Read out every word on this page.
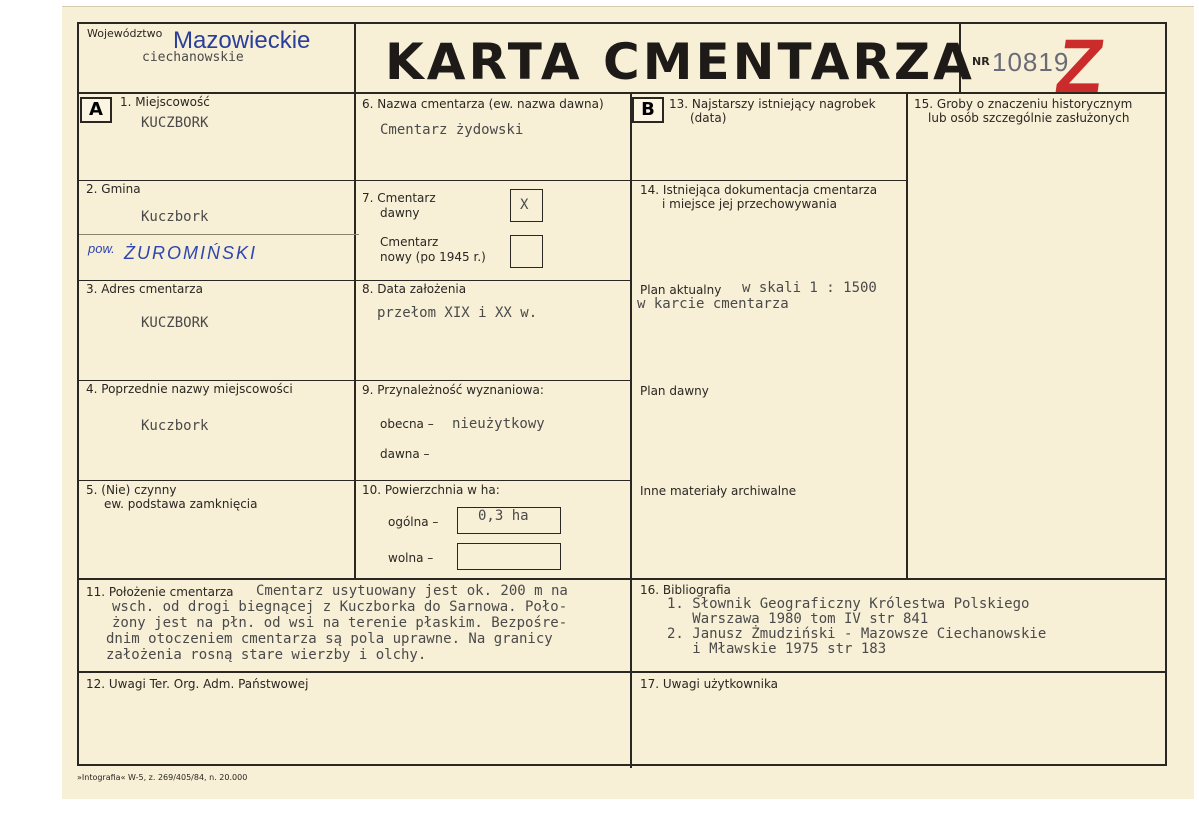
Województwo Mazowieckie
ciechanowskie	KARTA CMENTARZA
NR 10819
Z
A	B
1. Miejscowość
KUCZBORK
2. Gmina
Kuczbork
pow. ŻUROMIŃSKI
3. Adres cmentarza
KUCZBORK
4. Poprzednie nazwy miejscowości
Kuczbork
5. (Nie) czynny
ew. podstawa zamknięcia
6. Nazwa cmentarza (ew. nazwa dawna)
Cmentarz żydowski
7. Cmentarz
dawny	X
Cmentarz
nowy (po 1945 r.)
8. Data założenia
przełom XIX i XX w.
9. Przynależność wyznaniowa:
obecna – nieużytkowy
dawna –
10. Powierzchnia w ha:
ogólna –	0,3 ha
wolna –
13. Najstarszy istniejący nagrobek
(data)
14. Istniejąca dokumentacja cmentarza
i miejsce jej przechowywania
Plan aktualny w skali 1 : 1500
w karcie cmentarza
Plan dawny
Inne materiały archiwalne
15. Groby o znaczeniu historycznym
lub osób szczególnie zasłużonych
11. Położenie cmentarza Cmentarz usytuowany jest ok. 200 m na
wsch. od drogi biegnącej z Kuczborka do Sarnowa. Poło-
żony jest na płn. od wsi na terenie płaskim. Bezpośre-
dnim otoczeniem cmentarza są pola uprawne. Na granicy
założenia rosną stare wierzby i olchy.
16. Bibliografia
1. Słownik Geograficzny Królestwa Polskiego
Warszawa 1980 tom IV str 841
2. Janusz Żmudziński - Mazowsze Ciechanowskie
i Mławskie 1975 str 183
12. Uwagi Ter. Org. Adm. Państwowej	17. Uwagi użytkownika
»Intografia« W-5, z. 269/405/84, n. 20.000
